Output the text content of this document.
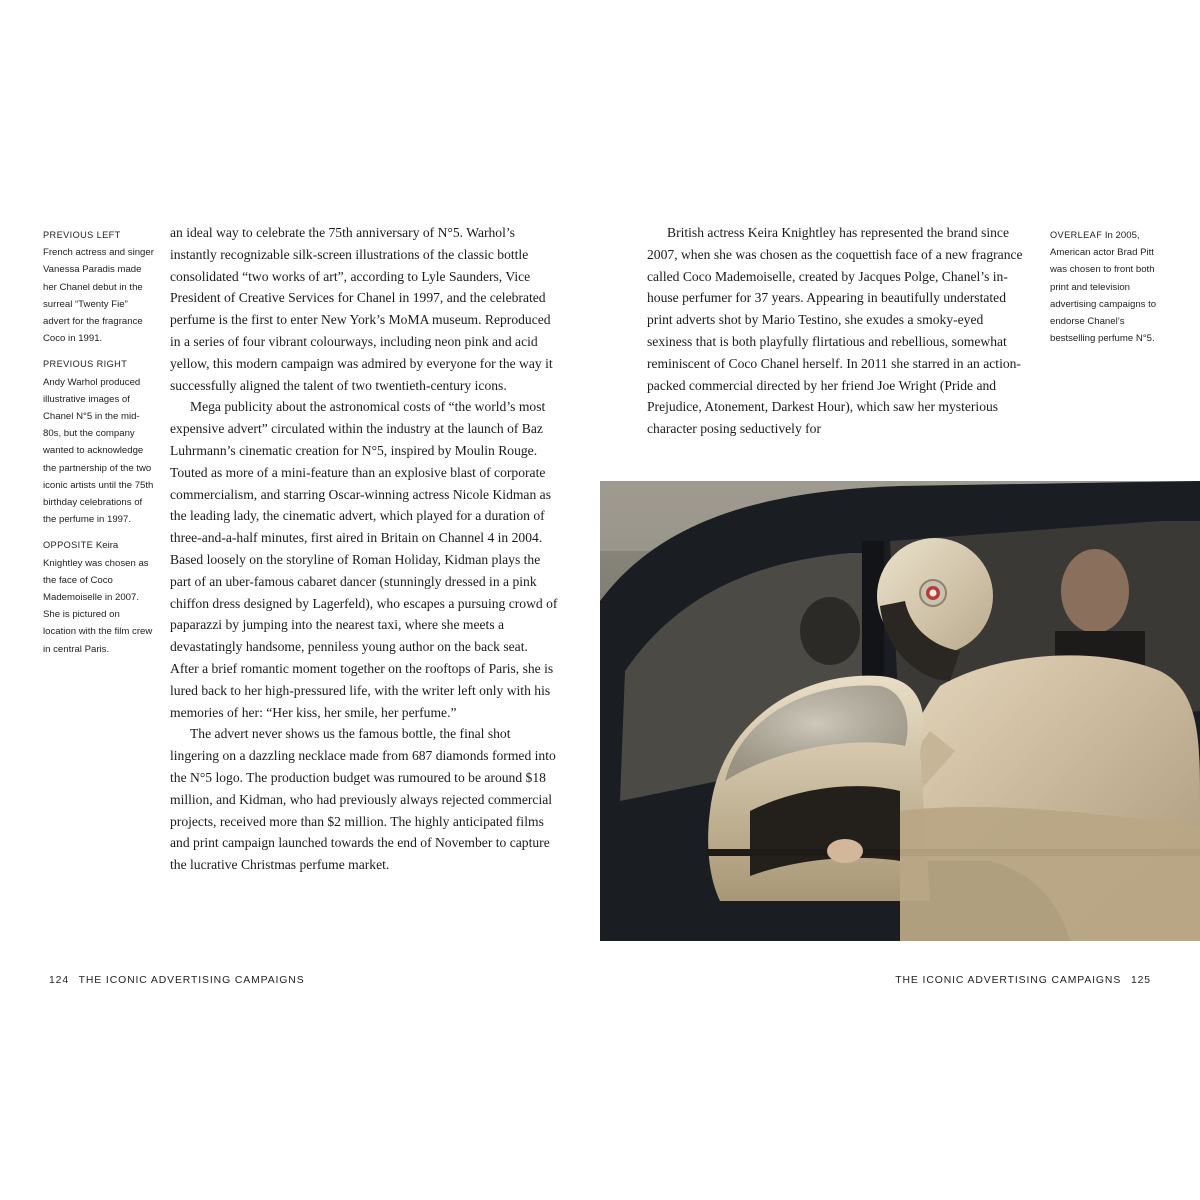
PREVIOUS LEFT
French actress and singer Vanessa Paradis made her Chanel debut in the surreal “Twenty Fie” advert for the fragrance Coco in 1991.
PREVIOUS RIGHT
Andy Warhol produced illustrative images of Chanel N°5 in the mid-80s, but the company wanted to acknowledge the partnership of the two iconic artists until the 75th birthday celebrations of the perfume in 1997.
OPPOSITE Keira Knightley was chosen as the face of Coco Mademoiselle in 2007. She is pictured on location with the film crew in central Paris.

an ideal way to celebrate the 75th anniversary of N°5. Warhol’s instantly recognizable silk-screen illustrations of the classic bottle consolidated “two works of art”, according to Lyle Saunders, Vice President of Creative Services for Chanel in 1997, and the celebrated perfume is the first to enter New York’s MoMA museum. Reproduced in a series of four vibrant colourways, including neon pink and acid yellow, this modern campaign was admired by everyone for the way it successfully aligned the talent of two twentieth-century icons.

Mega publicity about the astronomical costs of “the world’s most expensive advert” circulated within the industry at the launch of Baz Luhrmann’s cinematic creation for N°5, inspired by Moulin Rouge. Touted as more of a mini-feature than an explosive blast of corporate commercialism, and starring Oscar-winning actress Nicole Kidman as the leading lady, the cinematic advert, which played for a duration of three-and-a-half minutes, first aired in Britain on Channel 4 in 2004. Based loosely on the storyline of Roman Holiday, Kidman plays the part of an uber-famous cabaret dancer (stunningly dressed in a pink chiffon dress designed by Lagerfeld), who escapes a pursuing crowd of paparazzi by jumping into the nearest taxi, where she meets a devastatingly handsome, penniless young author on the back seat. After a brief romantic moment together on the rooftops of Paris, she is lured back to her high-pressured life, with the writer left only with his memories of her: “Her kiss, her smile, her perfume.”

The advert never shows us the famous bottle, the final shot lingering on a dazzling necklace made from 687 diamonds formed into the N°5 logo. The production budget was rumoured to be around $18 million, and Kidman, who had previously always rejected commercial projects, received more than $2 million. The highly anticipated films and print campaign launched towards the end of November to capture the lucrative Christmas perfume market.

British actress Keira Knightley has represented the brand since 2007, when she was chosen as the coquettish face of a new fragrance called Coco Mademoiselle, created by Jacques Polge, Chanel’s in-house perfumer for 37 years. Appearing in beautifully understated print adverts shot by Mario Testino, she exudes a smoky-eyed sexiness that is both playfully flirtatious and rebellious, somewhat reminiscent of Coco Chanel herself. In 2011 she starred in an action-packed commercial directed by her friend Joe Wright (Pride and Prejudice, Atonement, Darkest Hour), which saw her mysterious character posing seductively for

OVERLEAF In 2005, American actor Brad Pitt was chosen to front both print and television advertising campaigns to endorse Chanel’s bestselling perfume N°5.
124 THE ICONIC ADVERTISING CAMPAIGNS	THE ICONIC ADVERTISING CAMPAIGNS 125
